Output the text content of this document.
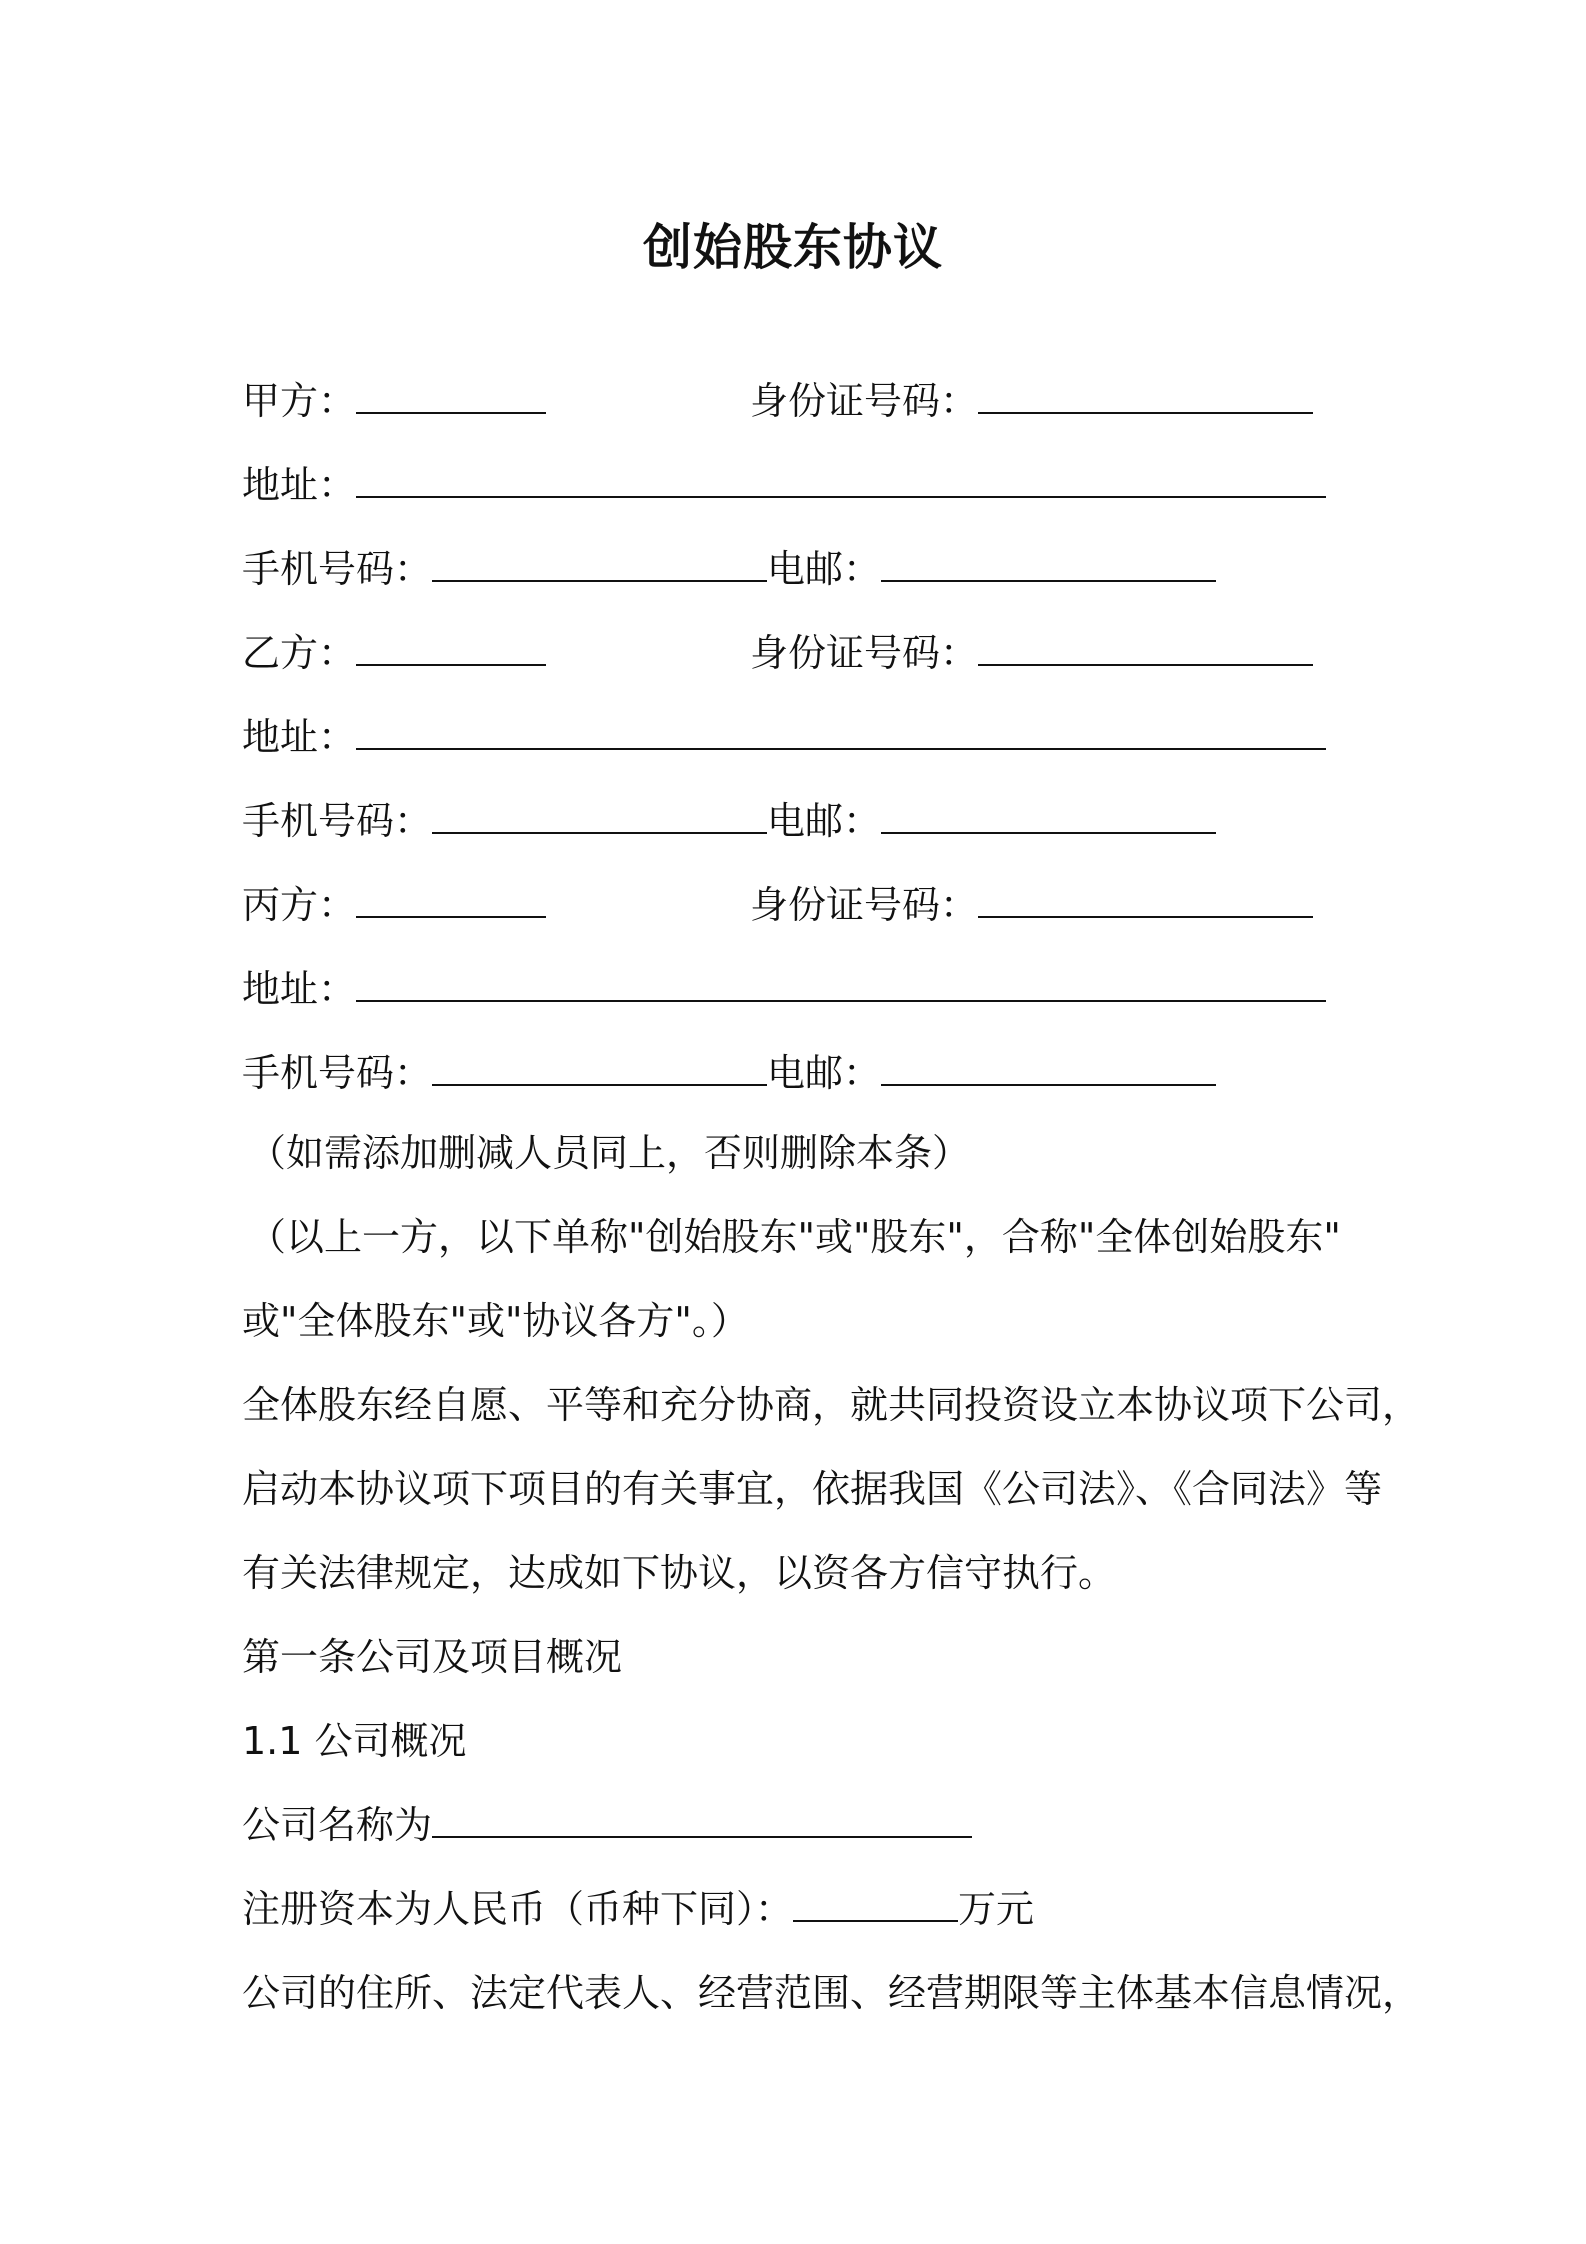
创始股东协议
甲方：	身份证号码：
地址：
手机号码：	电邮：
乙方：	身份证号码：
地址：
手机号码：	电邮：
丙方：	身份证号码：
地址：
手机号码：	电邮：
（如需添加删减人员同上，否则删除本条）
（以上一方，以下单称"创始股东"或"股东"，合称"全体创始股东"
或"全体股东"或"协议各方"。）
全体股东经自愿、平等和充分协商，就共同投资设立本协议项下公司，
启动本协议项下项目的有关事宜，依据我国《公司法》、《合同法》等
有关法律规定，达成如下协议，以资各方信守执行。
第一条公司及项目概况
1.1 公司概况
公司名称为
注册资本为人民币（币种下同）：	万元
公司的住所、法定代表人、经营范围、经营期限等主体基本信息情况，
